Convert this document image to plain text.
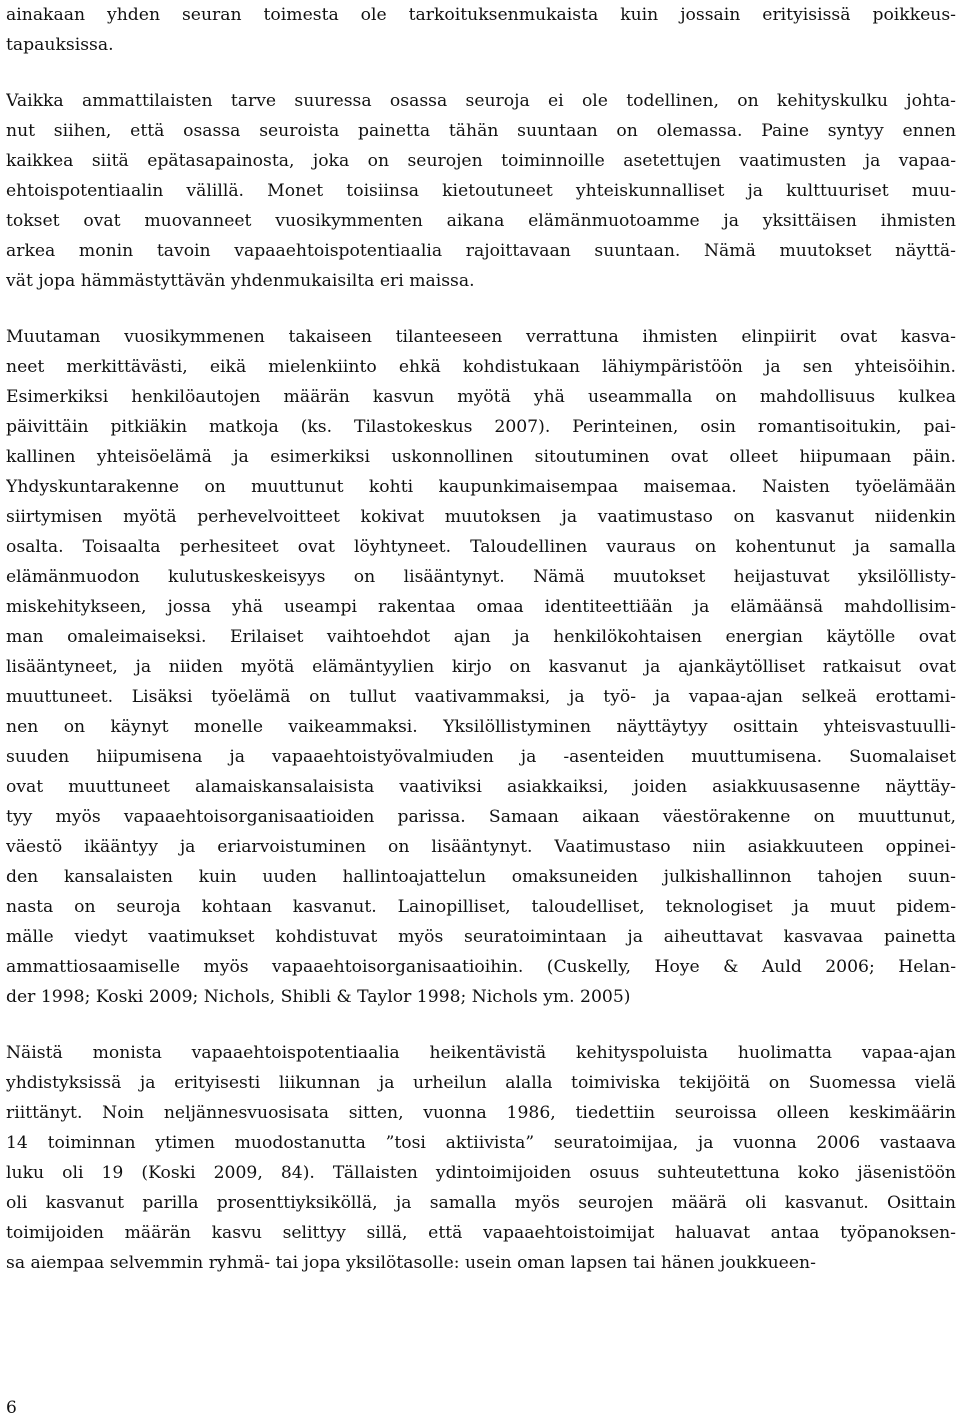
ainakaan yhden seuran toimesta ole tarkoituksenmukaista kuin jossain erityisissä poikkeus-
tapauksissa.
Vaikka ammattilaisten tarve suuressa osassa seuroja ei ole todellinen, on kehityskulku johta-
nut siihen, että osassa seuroista painetta tähän suuntaan on olemassa. Paine syntyy ennen
kaikkea siitä epätasapainosta, joka on seurojen toiminnoille asetettujen vaatimusten ja vapaa-
ehtoispotentiaalin välillä. Monet toisiinsa kietoutuneet yhteiskunnalliset ja kulttuuriset muu-
tokset ovat muovanneet vuosikymmenten aikana elämänmuotoamme ja yksittäisen ihmisten
arkea monin tavoin vapaaehtoispotentiaalia rajoittavaan suuntaan. Nämä muutokset näyttä-
vät jopa hämmästyttävän yhdenmukaisilta eri maissa.
Muutaman vuosikymmenen takaiseen tilanteeseen verrattuna ihmisten elinpiirit ovat kasva-
neet merkittävästi, eikä mielenkiinto ehkä kohdistukaan lähiympäristöön ja sen yhteisöihin.
Esimerkiksi henkilöautojen määrän kasvun myötä yhä useammalla on mahdollisuus kulkea
päivittäin pitkiäkin matkoja (ks. Tilastokeskus 2007). Perinteinen, osin romantisoitukin, pai-
kallinen yhteisöelämä ja esimerkiksi uskonnollinen sitoutuminen ovat olleet hiipumaan päin.
Yhdyskuntarakenne on muuttunut kohti kaupunkimaisempaa maisemaa. Naisten työelämään
siirtymisen myötä perhevelvoitteet kokivat muutoksen ja vaatimustaso on kasvanut niidenkin
osalta. Toisaalta perhesiteet ovat löyhtyneet. Taloudellinen vauraus on kohentunut ja samalla
elämänmuodon kulutuskeskeisyys on lisääntynyt. Nämä muutokset heijastuvat yksilöllisty-
miskehitykseen, jossa yhä useampi rakentaa omaa identiteettiään ja elämäänsä mahdollisim-
man omaleimaiseksi. Erilaiset vaihtoehdot ajan ja henkilökohtaisen energian käytölle ovat
lisääntyneet, ja niiden myötä elämäntyylien kirjo on kasvanut ja ajankäytölliset ratkaisut ovat
muuttuneet. Lisäksi työelämä on tullut vaativammaksi, ja työ- ja vapaa-ajan selkeä erottami-
nen on käynyt monelle vaikeammaksi. Yksilöllistyminen näyttäytyy osittain yhteisvastuulli-
suuden hiipumisena ja vapaaehtoistyövalmiuden ja -asenteiden muuttumisena. Suomalaiset
ovat muuttuneet alamaiskansalaisista vaativiksi asiakkaiksi, joiden asiakkuusasenne näyttäy-
tyy myös vapaaehtoisorganisaatioiden parissa. Samaan aikaan väestörakenne on muuttunut,
väestö ikääntyy ja eriarvoistuminen on lisääntynyt. Vaatimustaso niin asiakkuuteen oppinei-
den kansalaisten kuin uuden hallintoajattelun omaksuneiden julkishallinnon tahojen suun-
nasta on seuroja kohtaan kasvanut. Lainopilliset, taloudelliset, teknologiset ja muut pidem-
mälle viedyt vaatimukset kohdistuvat myös seuratoimintaan ja aiheuttavat kasvavaa painetta
ammattiosaamiselle myös vapaaehtoisorganisaatioihin. (Cuskelly, Hoye & Auld 2006; Helan-
der 1998; Koski 2009; Nichols, Shibli & Taylor 1998; Nichols ym. 2005)
Näistä monista vapaaehtoispotentiaalia heikentävistä kehityspoluista huolimatta vapaa-ajan
yhdistyksissä ja erityisesti liikunnan ja urheilun alalla toimiviska tekijöitä on Suomessa vielä
riittänyt. Noin neljännesvuosisata sitten, vuonna 1986, tiedettiin seuroissa olleen keskimäärin
14 toiminnan ytimen muodostanutta ”tosi aktiivista” seuratoimijaa, ja vuonna 2006 vastaava
luku oli 19 (Koski 2009, 84). Tällaisten ydintoimijoiden osuus suhteutettuna koko jäsenistöön
oli kasvanut parilla prosenttiyksiköllä, ja samalla myös seurojen määrä oli kasvanut. Osittain
toimijoiden määrän kasvu selittyy sillä, että vapaaehtoistoimijat haluavat antaa työpanoksen-
sa aiempaa selvemmin ryhmä- tai jopa yksilötasolle: usein oman lapsen tai hänen joukkueen-
6
